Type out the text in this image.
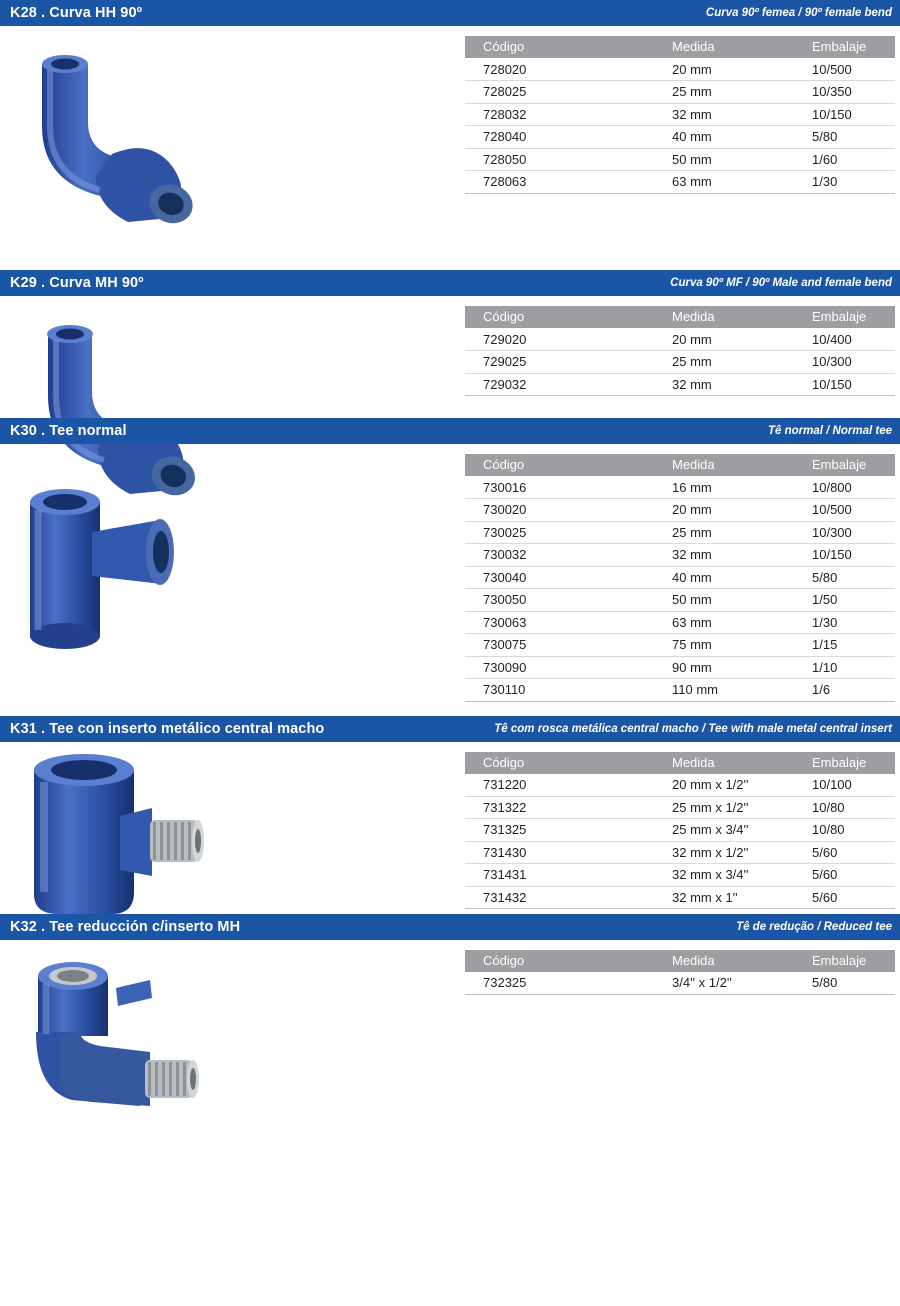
K28 . Curva HH 90º	Curva 90º femea / 90º female bend
Código	Medida	Embalaje
728020	20 mm	10/500
728025	25 mm	10/350
728032	32 mm	10/150
728040	40 mm	5/80
728050	50 mm	1/60
728063	63 mm	1/30
K29 . Curva MH 90º	Curva 90º MF / 90º Male and female bend
Código	Medida	Embalaje
729020	20 mm	10/400
729025	25 mm	10/300
729032	32 mm	10/150
K30 . Tee normal	Tê normal / Normal tee
Código	Medida	Embalaje
730016	16 mm	10/800
730020	20 mm	10/500
730025	25 mm	10/300
730032	32 mm	10/150
730040	40 mm	5/80
730050	50 mm	1/50
730063	63 mm	1/30
730075	75 mm	1/15
730090	90 mm	1/10
730110	110 mm	1/6
K31 . Tee con inserto metálico central macho	Tê com rosca metálica central macho / Tee with male metal central insert
Código	Medida	Embalaje
731220	20 mm x 1/2''	10/100
731322	25 mm x 1/2''	10/80
731325	25 mm x 3/4''	10/80
731430	32 mm x 1/2''	5/60
731431	32 mm x 3/4''	5/60
731432	32 mm x 1''	5/60
K32 . Tee reducción c/inserto MH	Tê de redução / Reduced tee
Código	Medida	Embalaje
732325	3/4'' x 1/2''	5/80
